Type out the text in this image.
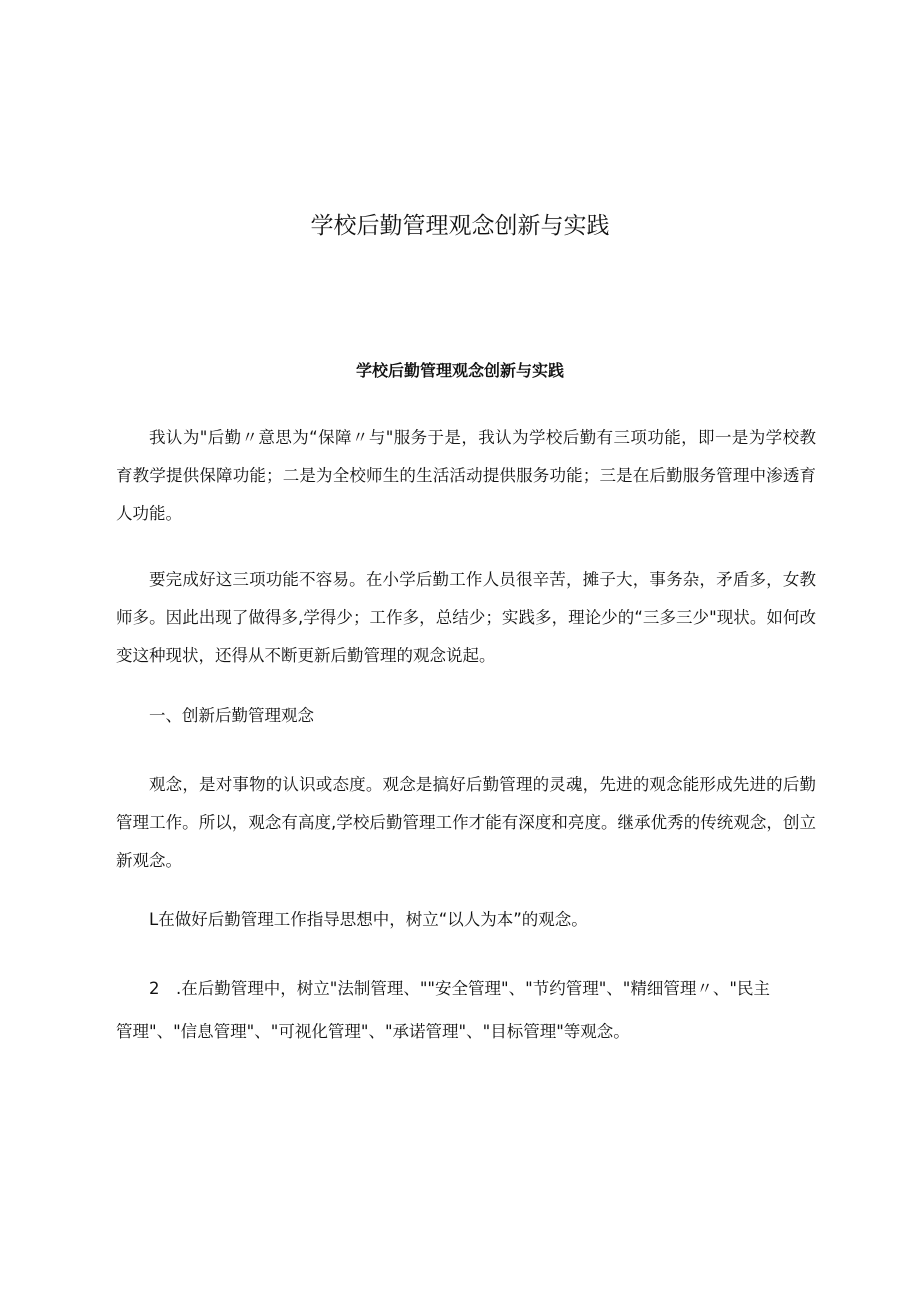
学校后勤管理观念创新与实践
学校后勤管理观念创新与实践

我认为"后勤〃意思为“保障〃与"服务于是，我认为学校后勤有三项功能，即一是为学校教育教学提供保障功能；二是为全校师生的生活活动提供服务功能；三是在后勤服务管理中渗透育人功能。

要完成好这三项功能不容易。在小学后勤工作人员很辛苦，摊子大，事务杂，矛盾多，女教师多。因此出现了做得多,学得少；工作多，总结少；实践多，理论少的“三多三少"现状。如何改变这种现状，还得从不断更新后勤管理的观念说起。

一、创新后勤管理观念

观念，是对事物的认识或态度。观念是搞好后勤管理的灵魂，先进的观念能形成先进的后勤管理工作。所以，观念有高度,学校后勤管理工作才能有深度和亮度。继承优秀的传统观念，创立新观念。

L在做好后勤管理工作指导思想中，树立“以人为本”的观念。

2　.在后勤管理中，树立"法制管理、""安全管理"、"节约管理"、"精细管理〃、"民主

管理"、"信息管理"、"可视化管理"、"承诺管理"、"目标管理"等观念。
